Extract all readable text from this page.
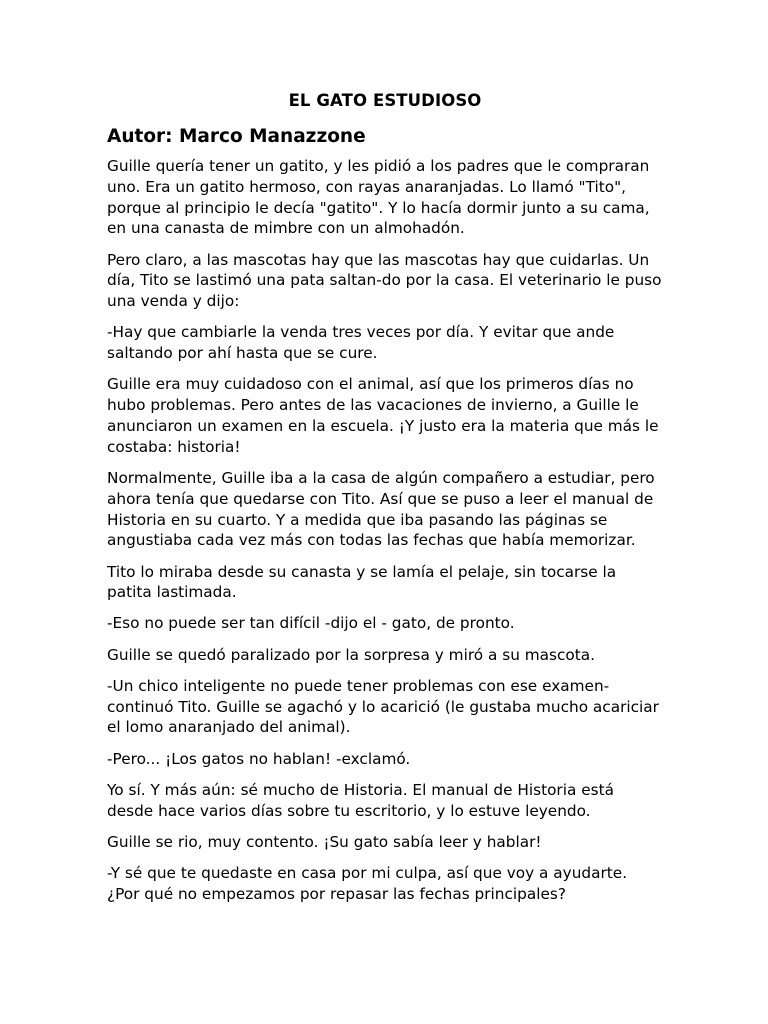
EL GATO ESTUDIOSO
Autor: Marco Manazzone

Guille quería tener un gatito, y les pidió a los padres que le compraran uno. Era un gatito hermoso, con rayas anaranjadas. Lo llamó "Tito", porque al principio le decía "gatito". Y lo hacía dormir junto a su cama, en una canasta de mimbre con un almohadón.

Pero claro, a las mascotas hay que las mascotas hay que cuidarlas. Un día, Tito se lastimó una pata saltan-do por la casa. El veterinario le puso una venda y dijo:

-Hay que cambiarle la venda tres veces por día. Y evitar que ande saltando por ahí hasta que se cure.

Guille era muy cuidadoso con el animal, así que los primeros días no hubo problemas. Pero antes de las vacaciones de invierno, a Guille le anunciaron un examen en la escuela. ¡Y justo era la materia que más le costaba: historia!

Normalmente, Guille iba a la casa de algún compañero a estudiar, pero ahora tenía que quedarse con Tito. Así que se puso a leer el manual de Historia en su cuarto. Y a medida que iba pasando las páginas se angustiaba cada vez más con todas las fechas que había memorizar.

Tito lo miraba desde su canasta y se lamía el pelaje, sin tocarse la patita lastimada.

-Eso no puede ser tan difícil -dijo el - gato, de pronto.

Guille se quedó paralizado por la sorpresa y miró a su mascota.

-Un chico inteligente no puede tener problemas con ese examen- continuó Tito. Guille se agachó y lo acarició (le gustaba mucho acariciar el lomo anaranjado del animal).

-Pero... ¡Los gatos no hablan! -exclamó.

Yo sí. Y más aún: sé mucho de Historia. El manual de Historia está desde hace varios días sobre tu escritorio, y lo estuve leyendo.

Guille se rio, muy contento. ¡Su gato sabía leer y hablar!

-Y sé que te quedaste en casa por mi culpa, así que voy a ayudarte. ¿Por qué no empezamos por repasar las fechas principales?
